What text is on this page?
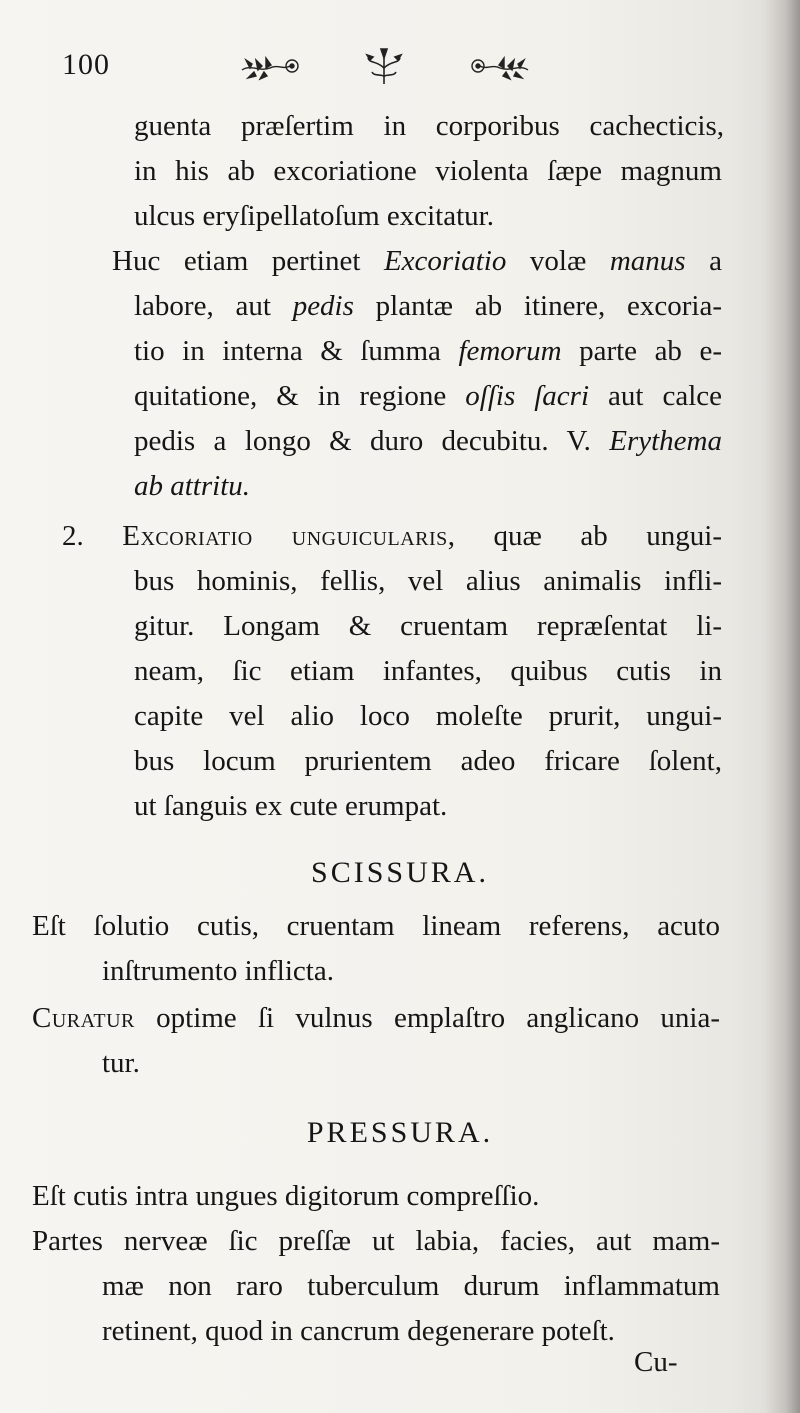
100
guenta præſertim in corporibus cachecticis,
in his ab excoriatione violenta ſæpe magnum
ulcus eryſipellatoſum excitatur.
Huc etiam pertinet Excoriatio volæ manus a
labore, aut pedis plantæ ab itinere, excoria-
tio in interna & ſumma femorum parte ab e-
quitatione, & in regione oſſis ſacri aut calce
pedis a longo & duro decubitu. V. Erythema
ab attritu.
2. Excoriatio unguicularis, quæ ab ungui-
bus hominis, fellis, vel alius animalis infli-
gitur. Longam & cruentam repræſentat li-
neam, ſic etiam infantes, quibus cutis in
capite vel alio loco moleſte prurit, ungui-
bus locum prurientem adeo fricare ſolent,
ut ſanguis ex cute erumpat.
SCISSURA.
Eſt ſolutio cutis, cruentam lineam referens, acuto
inſtrumento inflicta.
Curatur optime ſi vulnus emplaſtro anglicano unia-
tur.
PRESSURA.
Eſt cutis intra ungues digitorum compreſſio.
Partes nerveæ ſic preſſæ ut labia, facies, aut mam-
mæ non raro tuberculum durum inflammatum
retinent, quod in cancrum degenerare poteſt.
Cu-
